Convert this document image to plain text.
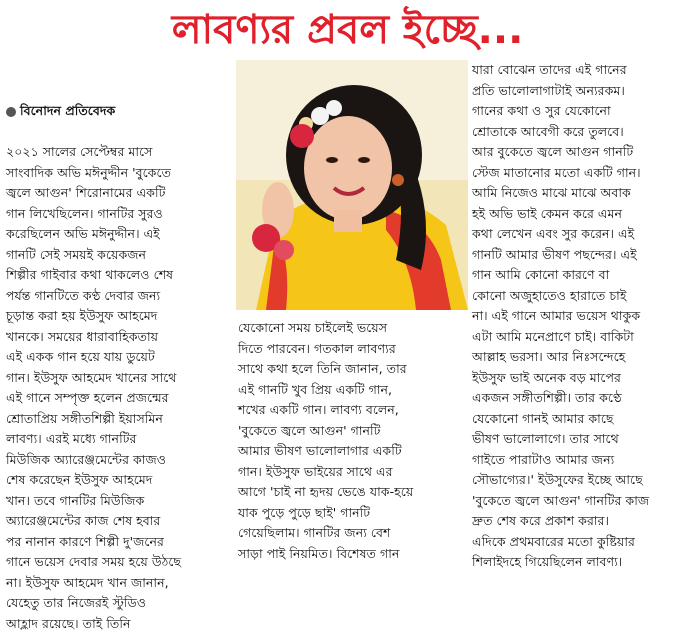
লাবণ্যর প্রবল ইচ্ছে...

বিনোদন প্রতিবেদক

২০২১ সালের সেপ্টেম্বর মাসে
সাংবাদিক অভি মঈনুদ্দীন 'বুকেতে
জ্বলে আগুন' শিরোনামের একটি
গান লিখেছিলেন। গানটির সুরও
করেছিলেন অভি মঈনুদ্দীন। এই
গানটি সেই সময়ই কয়েকজন
শিল্পীর গাইবার কথা থাকলেও শেষ
পর্যন্ত গানটিতে কণ্ঠ দেবার জন্য
চূড়ান্ত করা হয় ইউসুফ আহমেদ
খানকে। সময়ের ধারাবাহিকতায়
এই একক গান হয়ে যায় ডুয়েট
গান। ইউসুফ আহমেদ খানের সাথে
এই গানে সম্পৃক্ত হলেন প্রজন্মের
শ্রোতাপ্রিয় সঙ্গীতশিল্পী ইয়াসমিন
লাবণ্য। এরই মধ্যে গানটির
মিউজিক অ্যারেঞ্জমেন্টের কাজও
শেষ করেছেন ইউসুফ আহমেদ
খান। তবে গানটির মিউজিক
অ্যারেঞ্জমেন্টের কাজ শেষ হবার
পর নানান কারণে শিল্পী দু'জনের
গানে ভয়েস দেবার সময় হয়ে উঠছে
না। ইউসুফ আহমেদ খান জানান,
যেহেতু তার নিজেরই স্টুডিও
আহ্লাদ রয়েছে। তাই তিনি
যেকোনো সময় চাইলেই ভয়েস
দিতে পারবেন। গতকাল লাবণ্যর
সাথে কথা হলে তিনি জানান, তার
এই গানটি খুব প্রিয় একটি গান,
শখের একটি গান। লাবণ্য বলেন,
'বুকেতে জ্বলে আগুন' গানটি
আমার ভীষণ ভালোলাগার একটি
গান। ইউসুফ ভাইয়ের সাথে এর
আগে 'চাই না হৃদয় ভেঙে যাক-হয়ে
যাক পুড়ে পুড়ে ছাই' গানটি
গেয়েছিলাম। গানটির জন্য বেশ
সাড়া পাই নিয়মিত। বিশেষত গান
যারা বোঝেন তাদের এই গানের
প্রতি ভালোলাগাটাই অন্যরকম।
গানের কথা ও সুর যেকোনো
শ্রোতাকে আবেগী করে তুলবে।
আর বুকেতে জ্বলে আগুন গানটি
স্টেজ মাতানোর মতো একটি গান।
আমি নিজেও মাঝে মাঝে অবাক
হই অভি ভাই কেমন করে এমন
কথা লেখেন এবং সুর করেন। এই
গানটি আমার ভীষণ পছন্দের। এই
গান আমি কোনো কারণে বা
কোনো অজুহাতেও হারাতে চাই
না। এই গানে আমার ভয়েস থাকুক
এটা আমি মনেপ্রাণে চাই। বাকিটা
আল্লাহ ভরসা। আর নিঃসন্দেহে
ইউসুফ ভাই অনেক বড় মাপের
একজন সঙ্গীতশিল্পী। তার কণ্ঠে
যেকোনো গানই আমার কাছে
ভীষণ ভালোলাগে। তার সাথে
গাইতে পারাটাও আমার জন্য
সৌভাগ্যের।' ইউসুফের ইচ্ছে আছে
'বুকেতে জ্বলে আগুন' গানটির কাজ
দ্রুত শেষ করে প্রকাশ করার।
এদিকে প্রথমবারের মতো কুষ্টিয়ার
শিলাইদহে গিয়েছিলেন লাবণ্য।
